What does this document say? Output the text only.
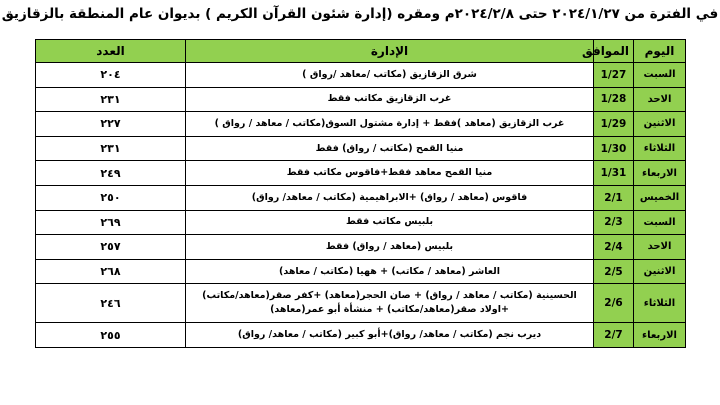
في الفترة من ٢٠٢٤/١/٢٧ حتى ٢٠٢٤/٢/٨م ومقره (إدارة شئون القرآن الكريم ) بديوان عام المنطقة بالزقازيق
اليوم	الموافق	الإدارة	العدد
السبت	1/27	شرق الزقازيق (مكاتب /معاهد /رواق )	٢٠٤
الاحد	1/28	غرب الزقازيق مكاتب فقط	٢٣١
الاثنين	1/29	غرب الزقازيق (معاهد )فقط + إدارة مشتول السوق(مكاتب / معاهد / رواق )	٢٢٧
الثلاثاء	1/30	منيا القمح (مكاتب / رواق) فقط	٢٣١
الاربعاء	1/31	منيا القمح معاهد فقط+فاقوس مكاتب فقط	٢٤٩
الخميس	2/1	فاقوس (معاهد / رواق) +الابراهيمية (مكاتب / معاهد/ رواق)	٢٥٠
السبت	2/3	بلبيس مكاتب فقط	٢٦٩
الاحد	2/4	بلبيس (معاهد / رواق) فقط	٢٥٧
الاثنين	2/5	العاشر (معاهد / مكاتب) + ههيا (مكاتب / معاهد)	٢٦٨
الثلاثاء	2/6	الحسينية (مكاتب / معاهد / رواق) + صان الحجر(معاهد) +كفر صقر(معاهد/مكاتب) +اولاد صقر(معاهد/مكاتب) + منشأة أبو عمر(معاهد)	٢٤٦
الاربعاء	2/7	ديرب نجم (مكاتب / معاهد/ رواق)+أبو كبير (مكاتب / معاهد/ رواق)	٢٥٥
